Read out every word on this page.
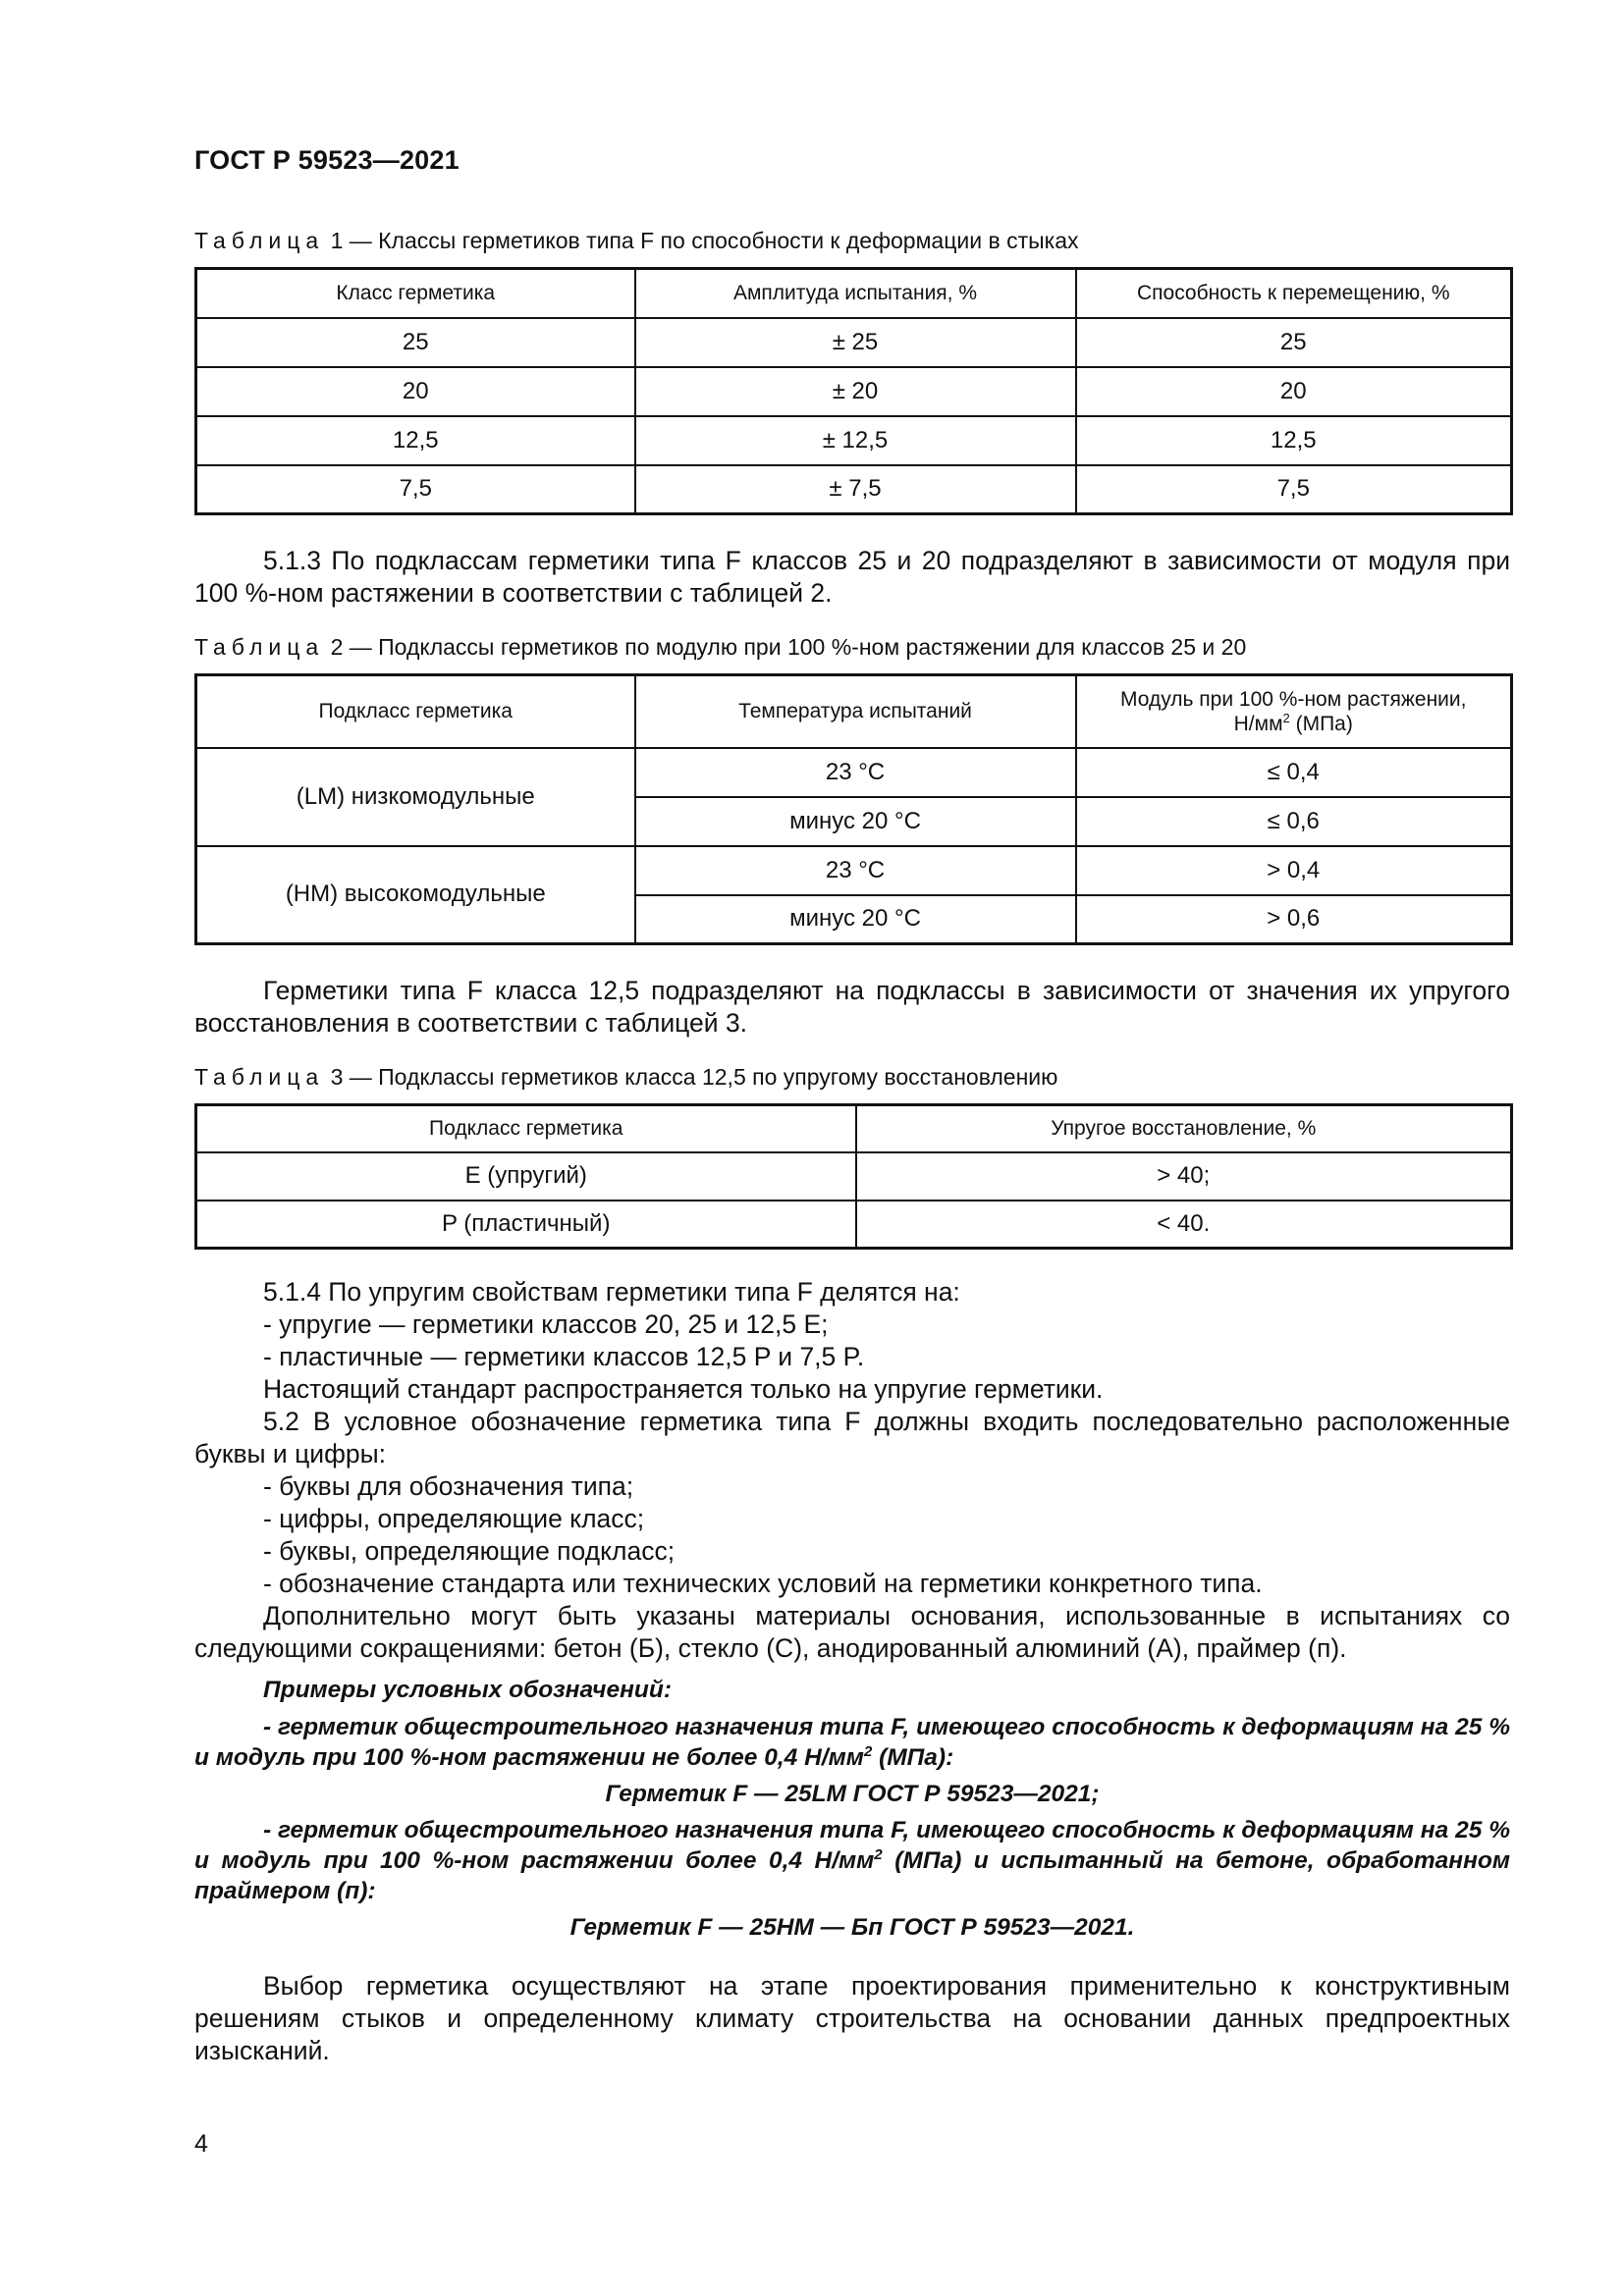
ГОСТ Р 59523—2021
Таблица 1 — Классы герметиков типа F по способности к деформации в стыках
Класс герметика	Амплитуда испытания, %	Способность к перемещению, %
25	± 25	25
20	± 20	20
12,5	± 12,5	12,5
7,5	± 7,5	7,5
5.1.3 По подклассам герметики типа F классов 25 и 20 подразделяют в зависимости от модуля при 100 %-ном растяжении в соответствии с таблицей 2.
Таблица 2 — Подклассы герметиков по модулю при 100 %-ном растяжении для классов 25 и 20
Подкласс герметика	Температура испытаний	Модуль при 100 %-ном растяжении,
$Н/мм^2$ (МПа)
(LM) низкомодульные	23 °C	≤ 0,4
	минус 20 °C	≤ 0,6
(HM) высокомодульные	23 °C	> 0,4
	минус 20 °C	> 0,6
Герметики типа F класса 12,5 подразделяют на подклассы в зависимости от значения их упругого восстановления в соответствии с таблицей 3.
Таблица 3 — Подклассы герметиков класса 12,5 по упругому восстановлению
Подкласс герметика	Упругое восстановление, %
E (упругий)	> 40;
P (пластичный)	< 40.
5.1.4 По упругим свойствам герметики типа F делятся на:
- упругие — герметики классов 20, 25 и 12,5 E;
- пластичные — герметики классов 12,5 P и 7,5 P.
Настоящий стандарт распространяется только на упругие герметики.
5.2 В условное обозначение герметика типа F должны входить последовательно расположенные буквы и цифры:
- буквы для обозначения типа;
- цифры, определяющие класс;
- буквы, определяющие подкласс;
- обозначение стандарта или технических условий на герметики конкретного типа.
Дополнительно могут быть указаны материалы основания, использованные в испытаниях со следующими сокращениями: бетон (Б), стекло (С), анодированный алюминий (А), праймер (п).
Примеры условных обозначений:
- герметик общестроительного назначения типа F, имеющего способность к деформациям на 25 % и модуль при 100 %-ном растяжении не более 0,4 $Н/мм^2$ (МПа):
Герметик F — 25LM ГОСТ Р 59523—2021;
- герметик общестроительного назначения типа F, имеющего способность к деформациям на 25 % и модуль при 100 %-ном растяжении более 0,4 $Н/мм^2$ (МПа) и испытанный на бетоне, обработанном праймером (п):
Герметик F — 25HM — Бп ГОСТ Р 59523—2021.
Выбор герметика осуществляют на этапе проектирования применительно к конструктивным решениям стыков и определенному климату строительства на основании данных предпроектных изысканий.
4
